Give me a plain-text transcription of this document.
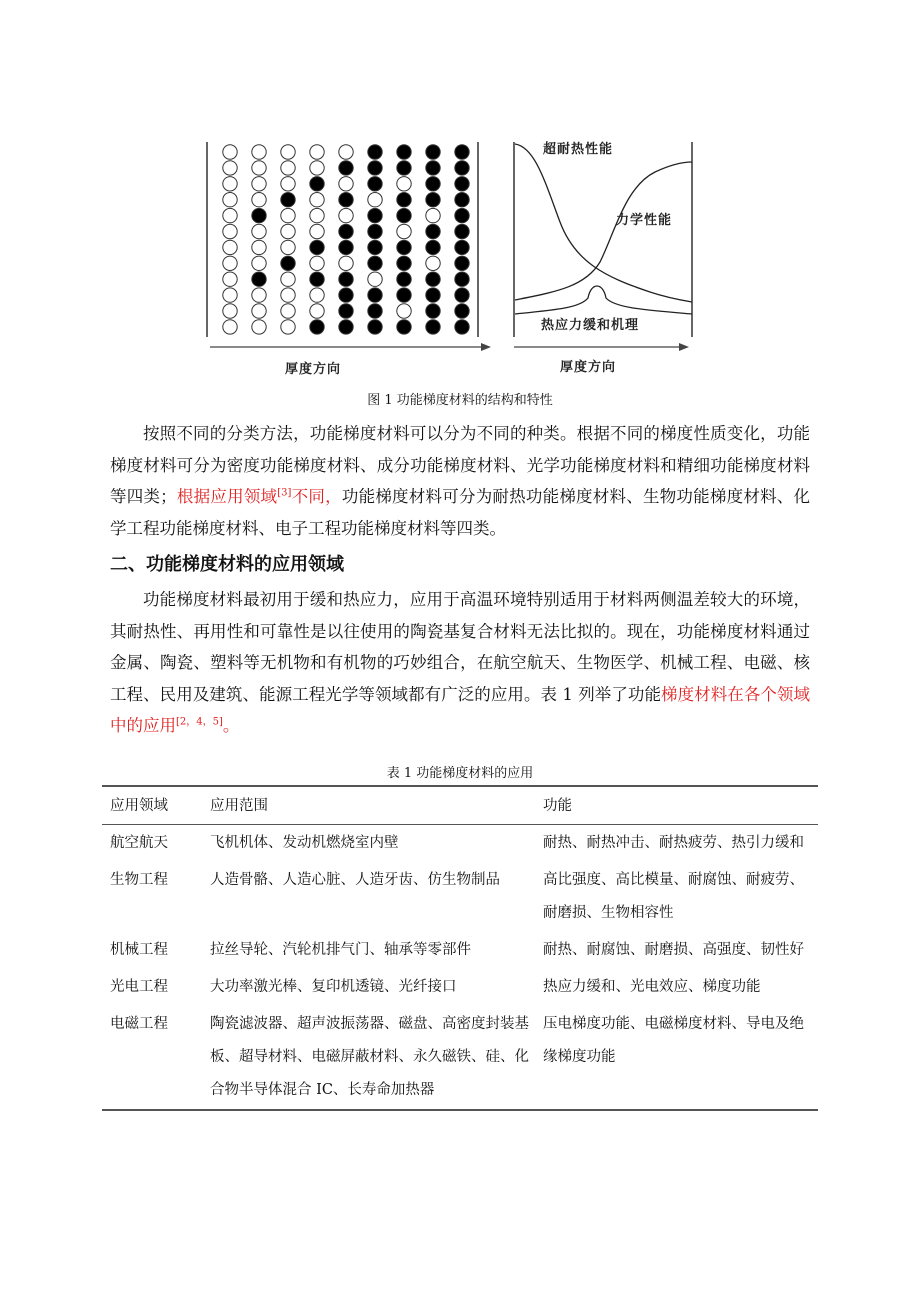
厚度方向	厚度方向
超耐热性能
力学性能
热应力缓和机理
图 1 功能梯度材料的结构和特性
按照不同的分类方法，功能梯度材料可以分为不同的种类。根据不同的梯度性质变化，功能梯度材料可分为密度功能梯度材料、成分功能梯度材料、光学功能梯度材料和精细功能梯度材料等四类；根据应用领域[3]不同，功能梯度材料可分为耐热功能梯度材料、生物功能梯度材料、化学工程功能梯度材料、电子工程功能梯度材料等四类。
二、功能梯度材料的应用领域
功能梯度材料最初用于缓和热应力，应用于高温环境特别适用于材料两侧温差较大的环境，其耐热性、再用性和可靠性是以往使用的陶瓷基复合材料无法比拟的。现在，功能梯度材料通过金属、陶瓷、塑料等无机物和有机物的巧妙组合，在航空航天、生物医学、机械工程、电磁、核工程、民用及建筑、能源工程光学等领域都有广泛的应用。表 1 列举了功能梯度材料在各个领域中的应用[2，4，5]。
表 1 功能梯度材料的应用
应用领域	应用范围	功能
航空航天	飞机机体、发动机燃烧室内壁	耐热、耐热冲击、耐热疲劳、热引力缓和
生物工程	人造骨骼、人造心脏、人造牙齿、仿生物制品	高比强度、高比模量、耐腐蚀、耐疲劳、耐磨损、生物相容性
机械工程	拉丝导轮、汽轮机排气门、轴承等零部件	耐热、耐腐蚀、耐磨损、高强度、韧性好
光电工程	大功率激光棒、复印机透镜、光纤接口	热应力缓和、光电效应、梯度功能
电磁工程	陶瓷滤波器、超声波振荡器、磁盘、高密度封装基板、超导材料、电磁屏蔽材料、永久磁铁、硅、化合物半导体混合 IC、长寿命加热器	压电梯度功能、电磁梯度材料、导电及绝缘梯度功能
